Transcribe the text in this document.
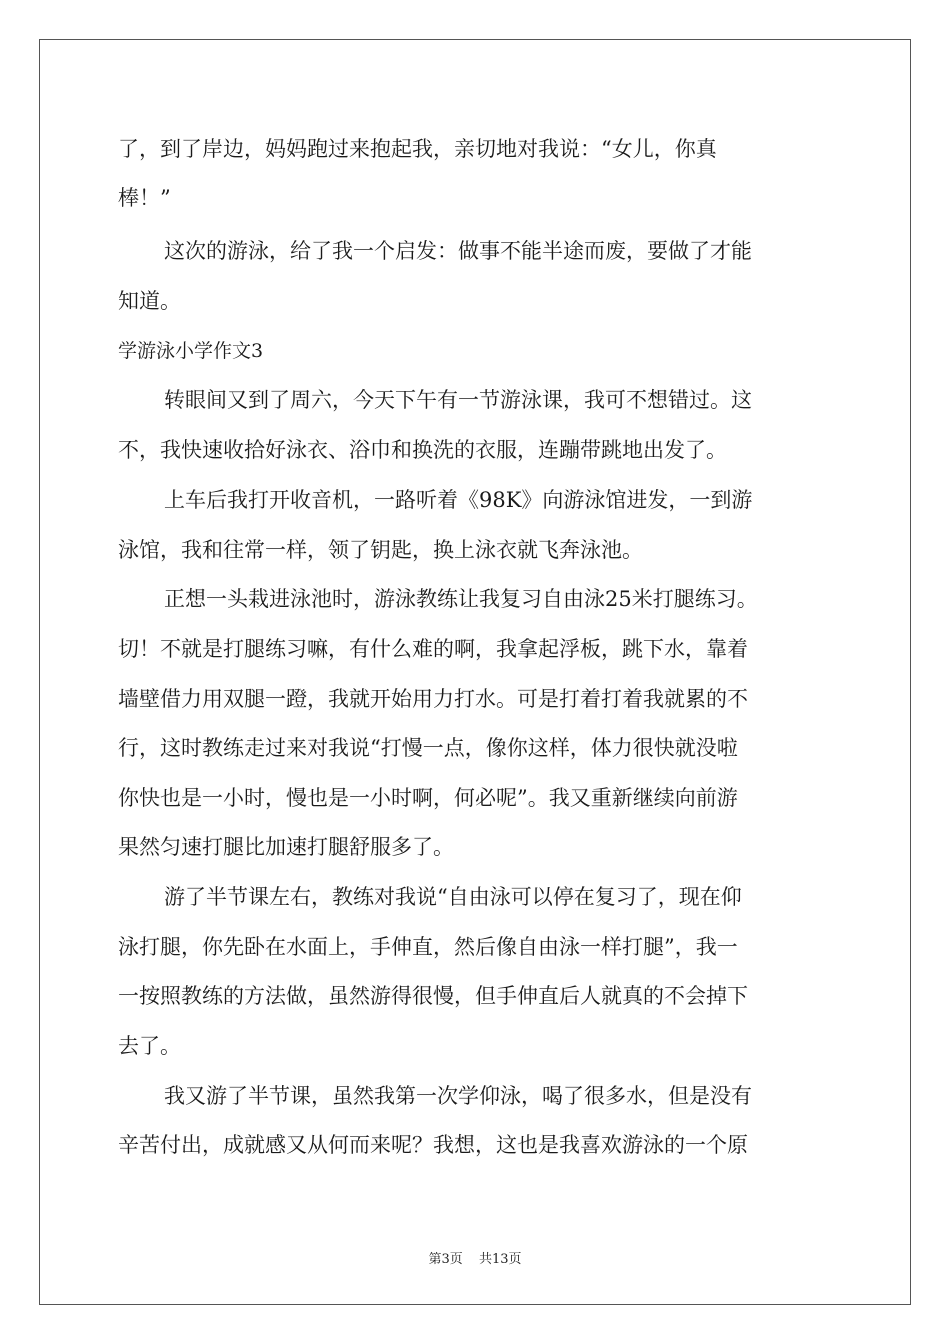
了，到了岸边，妈妈跑过来抱起我，亲切地对我说：“女儿，你真
棒！”
这次的游泳，给了我一个启发：做事不能半途而废，要做了才能
知道。
学游泳小学作文3
转眼间又到了周六，今天下午有一节游泳课，我可不想错过。这
不，我快速收拾好泳衣、浴巾和换洗的衣服，连蹦带跳地出发了。
上车后我打开收音机，一路听着《98K》向游泳馆进发，一到游
泳馆，我和往常一样，领了钥匙，换上泳衣就飞奔泳池。
正想一头栽进泳池时，游泳教练让我复习自由泳25米打腿练习。
切！不就是打腿练习嘛，有什么难的啊，我拿起浮板，跳下水，靠着
墙壁借力用双腿一蹬，我就开始用力打水。可是打着打着我就累的不
行，这时教练走过来对我说“打慢一点，像你这样，体力很快就没啦
你快也是一小时，慢也是一小时啊，何必呢”。我又重新继续向前游
果然匀速打腿比加速打腿舒服多了。
游了半节课左右，教练对我说“自由泳可以停在复习了，现在仰
泳打腿，你先卧在水面上，手伸直，然后像自由泳一样打腿”，我一
一按照教练的方法做，虽然游得很慢，但手伸直后人就真的不会掉下
去了。
我又游了半节课，虽然我第一次学仰泳，喝了很多水，但是没有
辛苦付出，成就感又从何而来呢？我想，这也是我喜欢游泳的一个原
第3页 共13页
